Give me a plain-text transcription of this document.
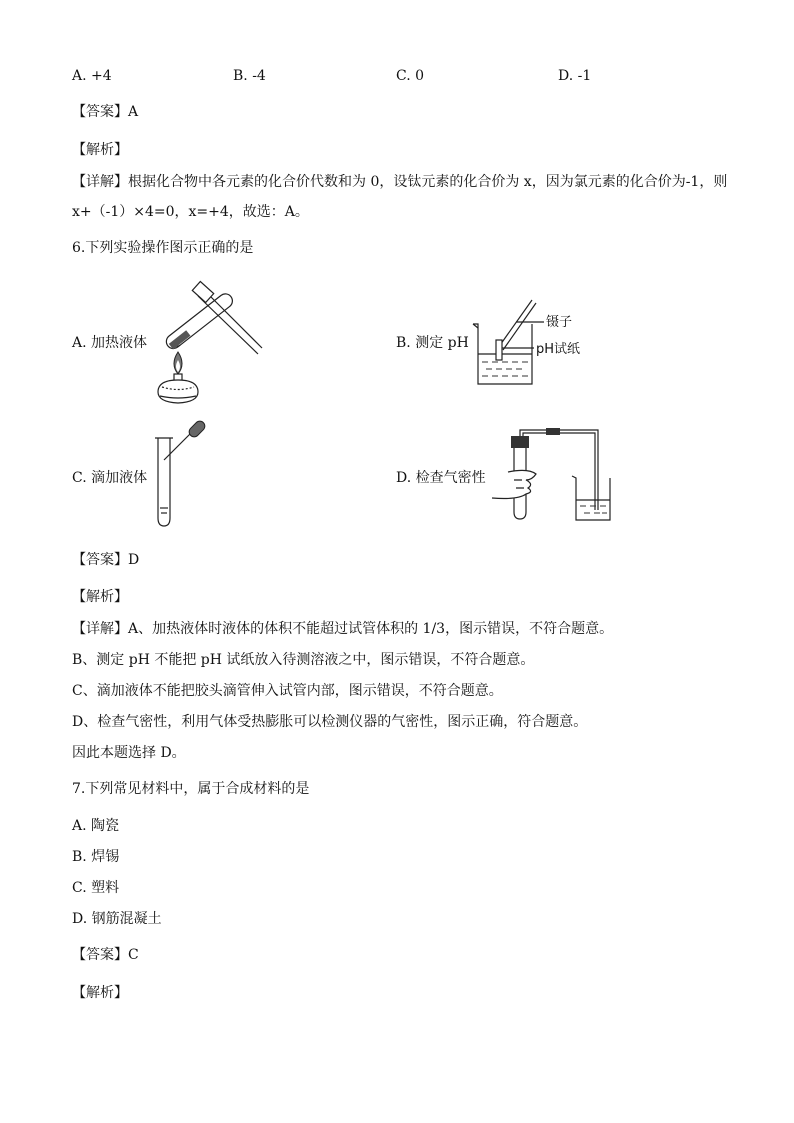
A. +4	B. -4	C. 0	D. -1
【答案】A
【解析】
【详解】根据化合物中各元素的化合价代数和为 0，设钛元素的化合价为 x，因为氯元素的化合价为-1，则
x+（-1）×4=0，x=+4，故选：A。
6.下列实验操作图示正确的是
A. 加热液体	B. 测定 pH
C. 滴加液体	D. 检查气密性
镊子
pH试纸
【答案】D
【解析】
【详解】A、加热液体时液体的体积不能超过试管体积的 1/3，图示错误，不符合题意。
B、测定 pH 不能把 pH 试纸放入待测溶液之中，图示错误，不符合题意。
C、滴加液体不能把胶头滴管伸入试管内部，图示错误，不符合题意。
D、检查气密性，利用气体受热膨胀可以检测仪器的气密性，图示正确，符合题意。
因此本题选择 D。
7.下列常见材料中，属于合成材料的是
A. 陶瓷
B. 焊锡
C. 塑料
D. 钢筋混凝土
【答案】C
【解析】
